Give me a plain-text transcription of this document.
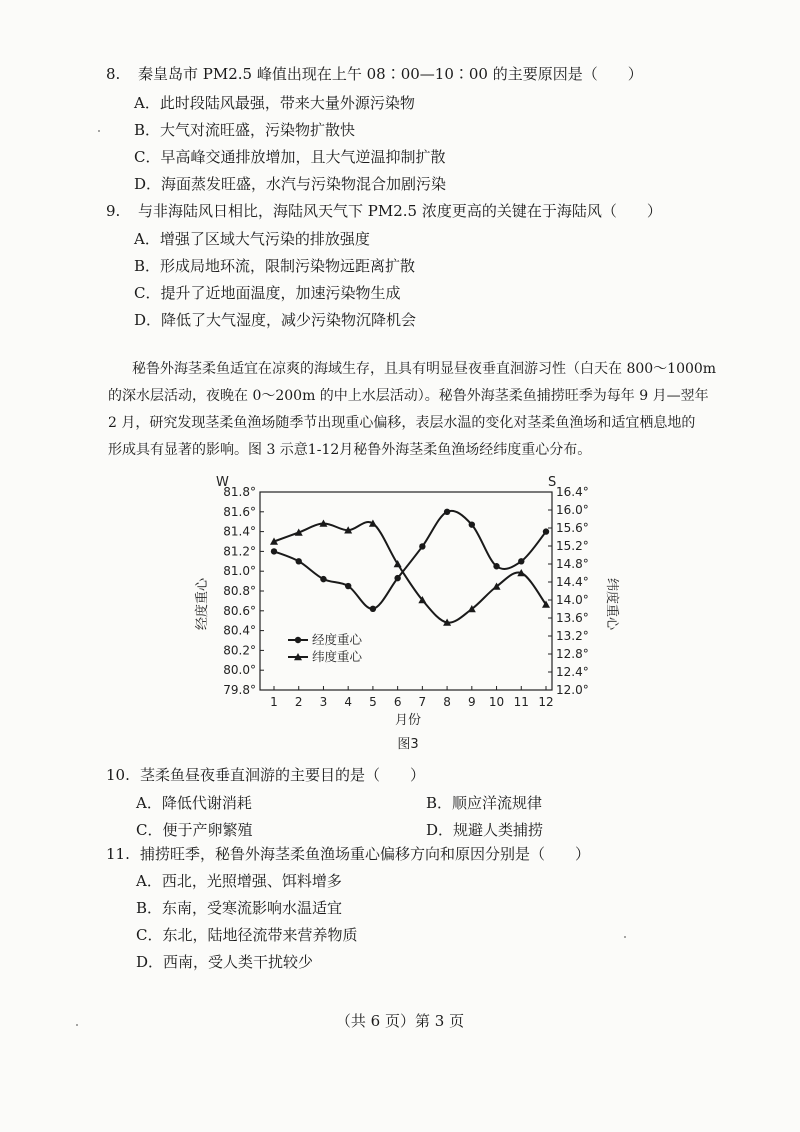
8. 秦皇岛市 PM2.5 峰值出现在上午 08∶00—10∶00 的主要原因是（　　）
A．此时段陆风最强，带来大量外源污染物
B．大气对流旺盛，污染物扩散快
C．早高峰交通排放增加，且大气逆温抑制扩散
D．海面蒸发旺盛，水汽与污染物混合加剧污染
9. 与非海陆风日相比，海陆风天气下 PM2.5 浓度更高的关键在于海陆风（　　）
A．增强了区域大气污染的排放强度
B．形成局地环流，限制污染物远距离扩散
C．提升了近地面温度，加速污染物生成
D．降低了大气湿度，减少污染物沉降机会
秘鲁外海茎柔鱼适宜在凉爽的海域生存，且具有明显昼夜垂直洄游习性（白天在 800～1000m
的深水层活动，夜晚在 0～200m 的中上水层活动）。秘鲁外海茎柔鱼捕捞旺季为每年 9 月—翌年
2 月，研究发现茎柔鱼渔场随季节出现重心偏移，表层水温的变化对茎柔鱼渔场和适宜栖息地的
形成具有显著的影响。图 3 示意1-12月秘鲁外海茎柔鱼渔场经纬度重心分布。
79.8°
80.0°
80.2°
80.4°
80.6°
80.8°
81.0°
81.2°
81.4°
81.6°
81.8°
12.0°
12.4°
12.8°
13.2°
13.6°
14.0°
14.4°
14.8°
15.2°
15.6°
16.0°
16.4°
1 2 3 4 5 6 7 8 9 10 11 12
经度重心
纬度重心
W	S
经度重心	纬度重心
月份
图3
10. 茎柔鱼昼夜垂直洄游的主要目的是（　　）
A．降低代谢消耗	B．顺应洋流规律
C．便于产卵繁殖	D．规避人类捕捞
11. 捕捞旺季，秘鲁外海茎柔鱼渔场重心偏移方向和原因分别是（　　）
A．西北，光照增强、饵料增多
B．东南，受寒流影响水温适宜
C．东北，陆地径流带来营养物质
D．西南，受人类干扰较少
（共 6 页）第 3 页
